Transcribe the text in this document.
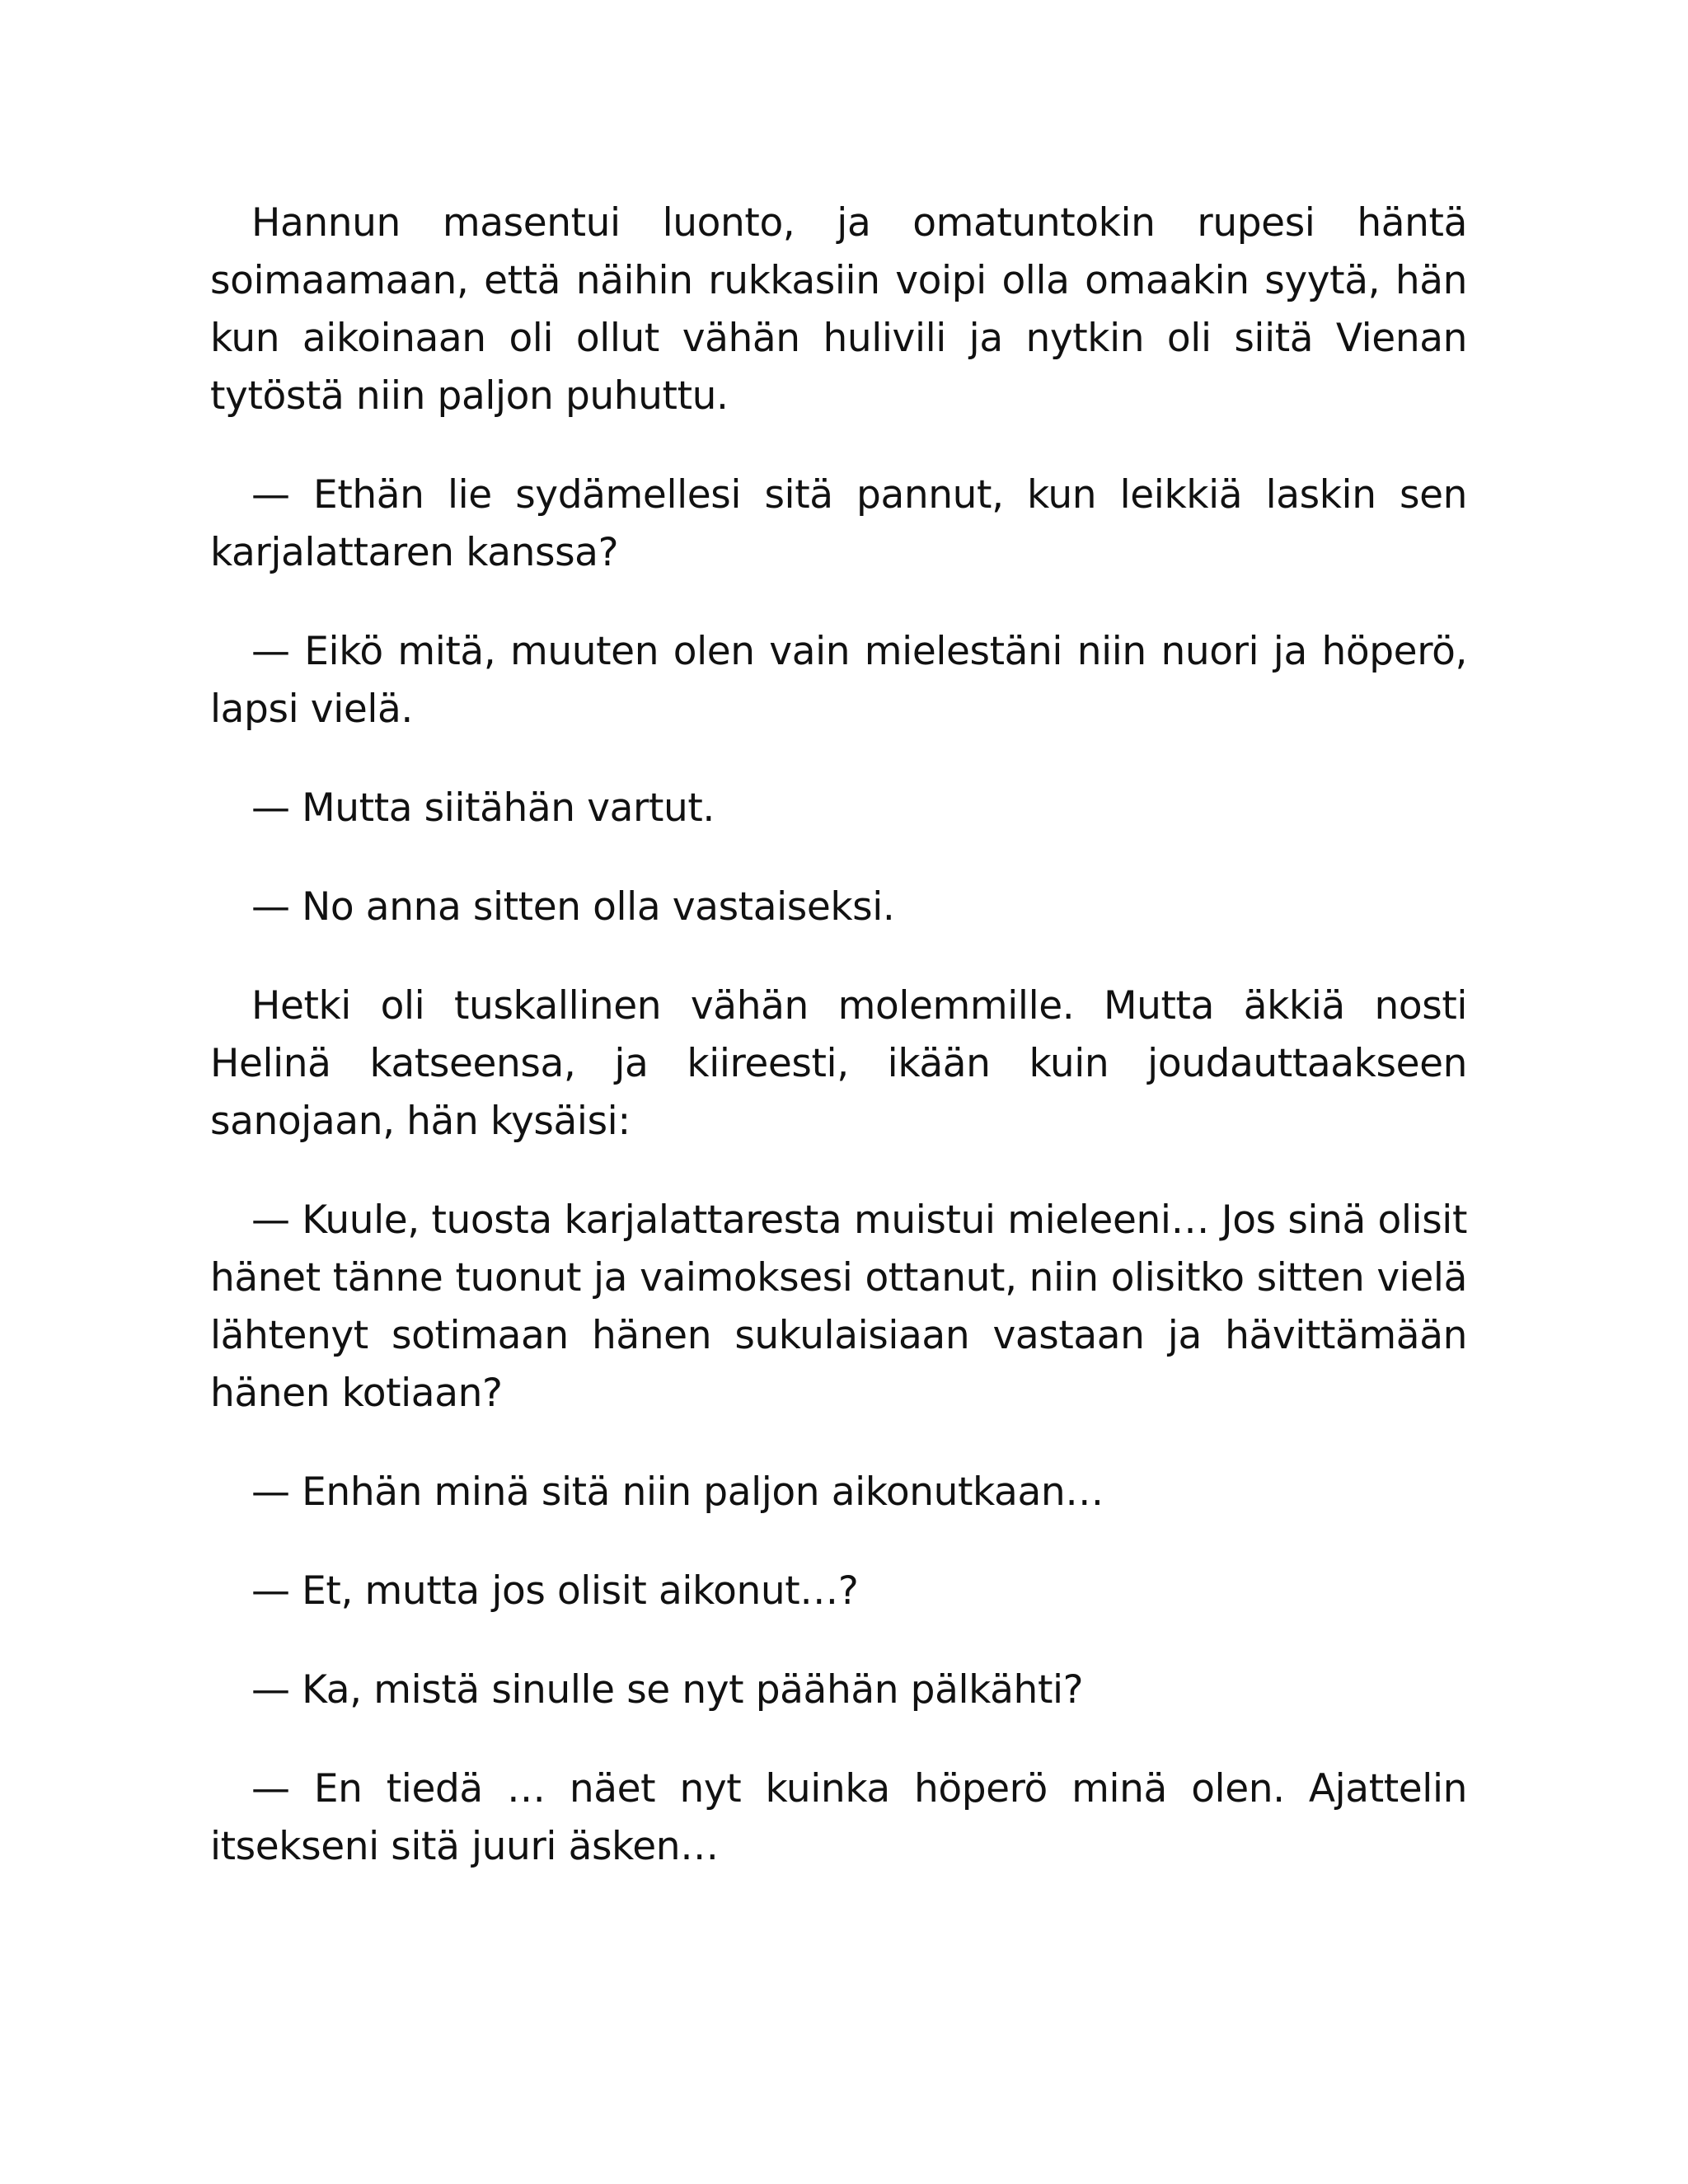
Hannun masentui luonto, ja omatuntokin rupesi häntä soimaamaan, että näihin rukkasiin voipi olla omaakin syytä, hän kun aikoinaan oli ollut vähän hulivili ja nytkin oli siitä Vienan tytöstä niin paljon puhuttu.

— Ethän lie sydämellesi sitä pannut, kun leikkiä laskin sen karjalattaren kanssa?

— Eikö mitä, muuten olen vain mielestäni niin nuori ja höperö, lapsi vielä.

— Mutta siitähän vartut.

— No anna sitten olla vastaiseksi.

Hetki oli tuskallinen vähän molemmille. Mutta äkkiä nosti Helinä katseensa, ja kiireesti, ikään kuin joudauttaakseen sanojaan, hän kysäisi:

— Kuule, tuosta karjalattaresta muistui mieleeni… Jos sinä olisit hänet tänne tuonut ja vaimoksesi ottanut, niin olisitko sitten vielä lähtenyt sotimaan hänen sukulaisiaan vastaan ja hävittämään hänen kotiaan?

— Enhän minä sitä niin paljon aikonutkaan…

— Et, mutta jos olisit aikonut…?

— Ka, mistä sinulle se nyt päähän pälkähti?

— En tiedä … näet nyt kuinka höperö minä olen. Ajattelin itsekseni sitä juuri äsken…
